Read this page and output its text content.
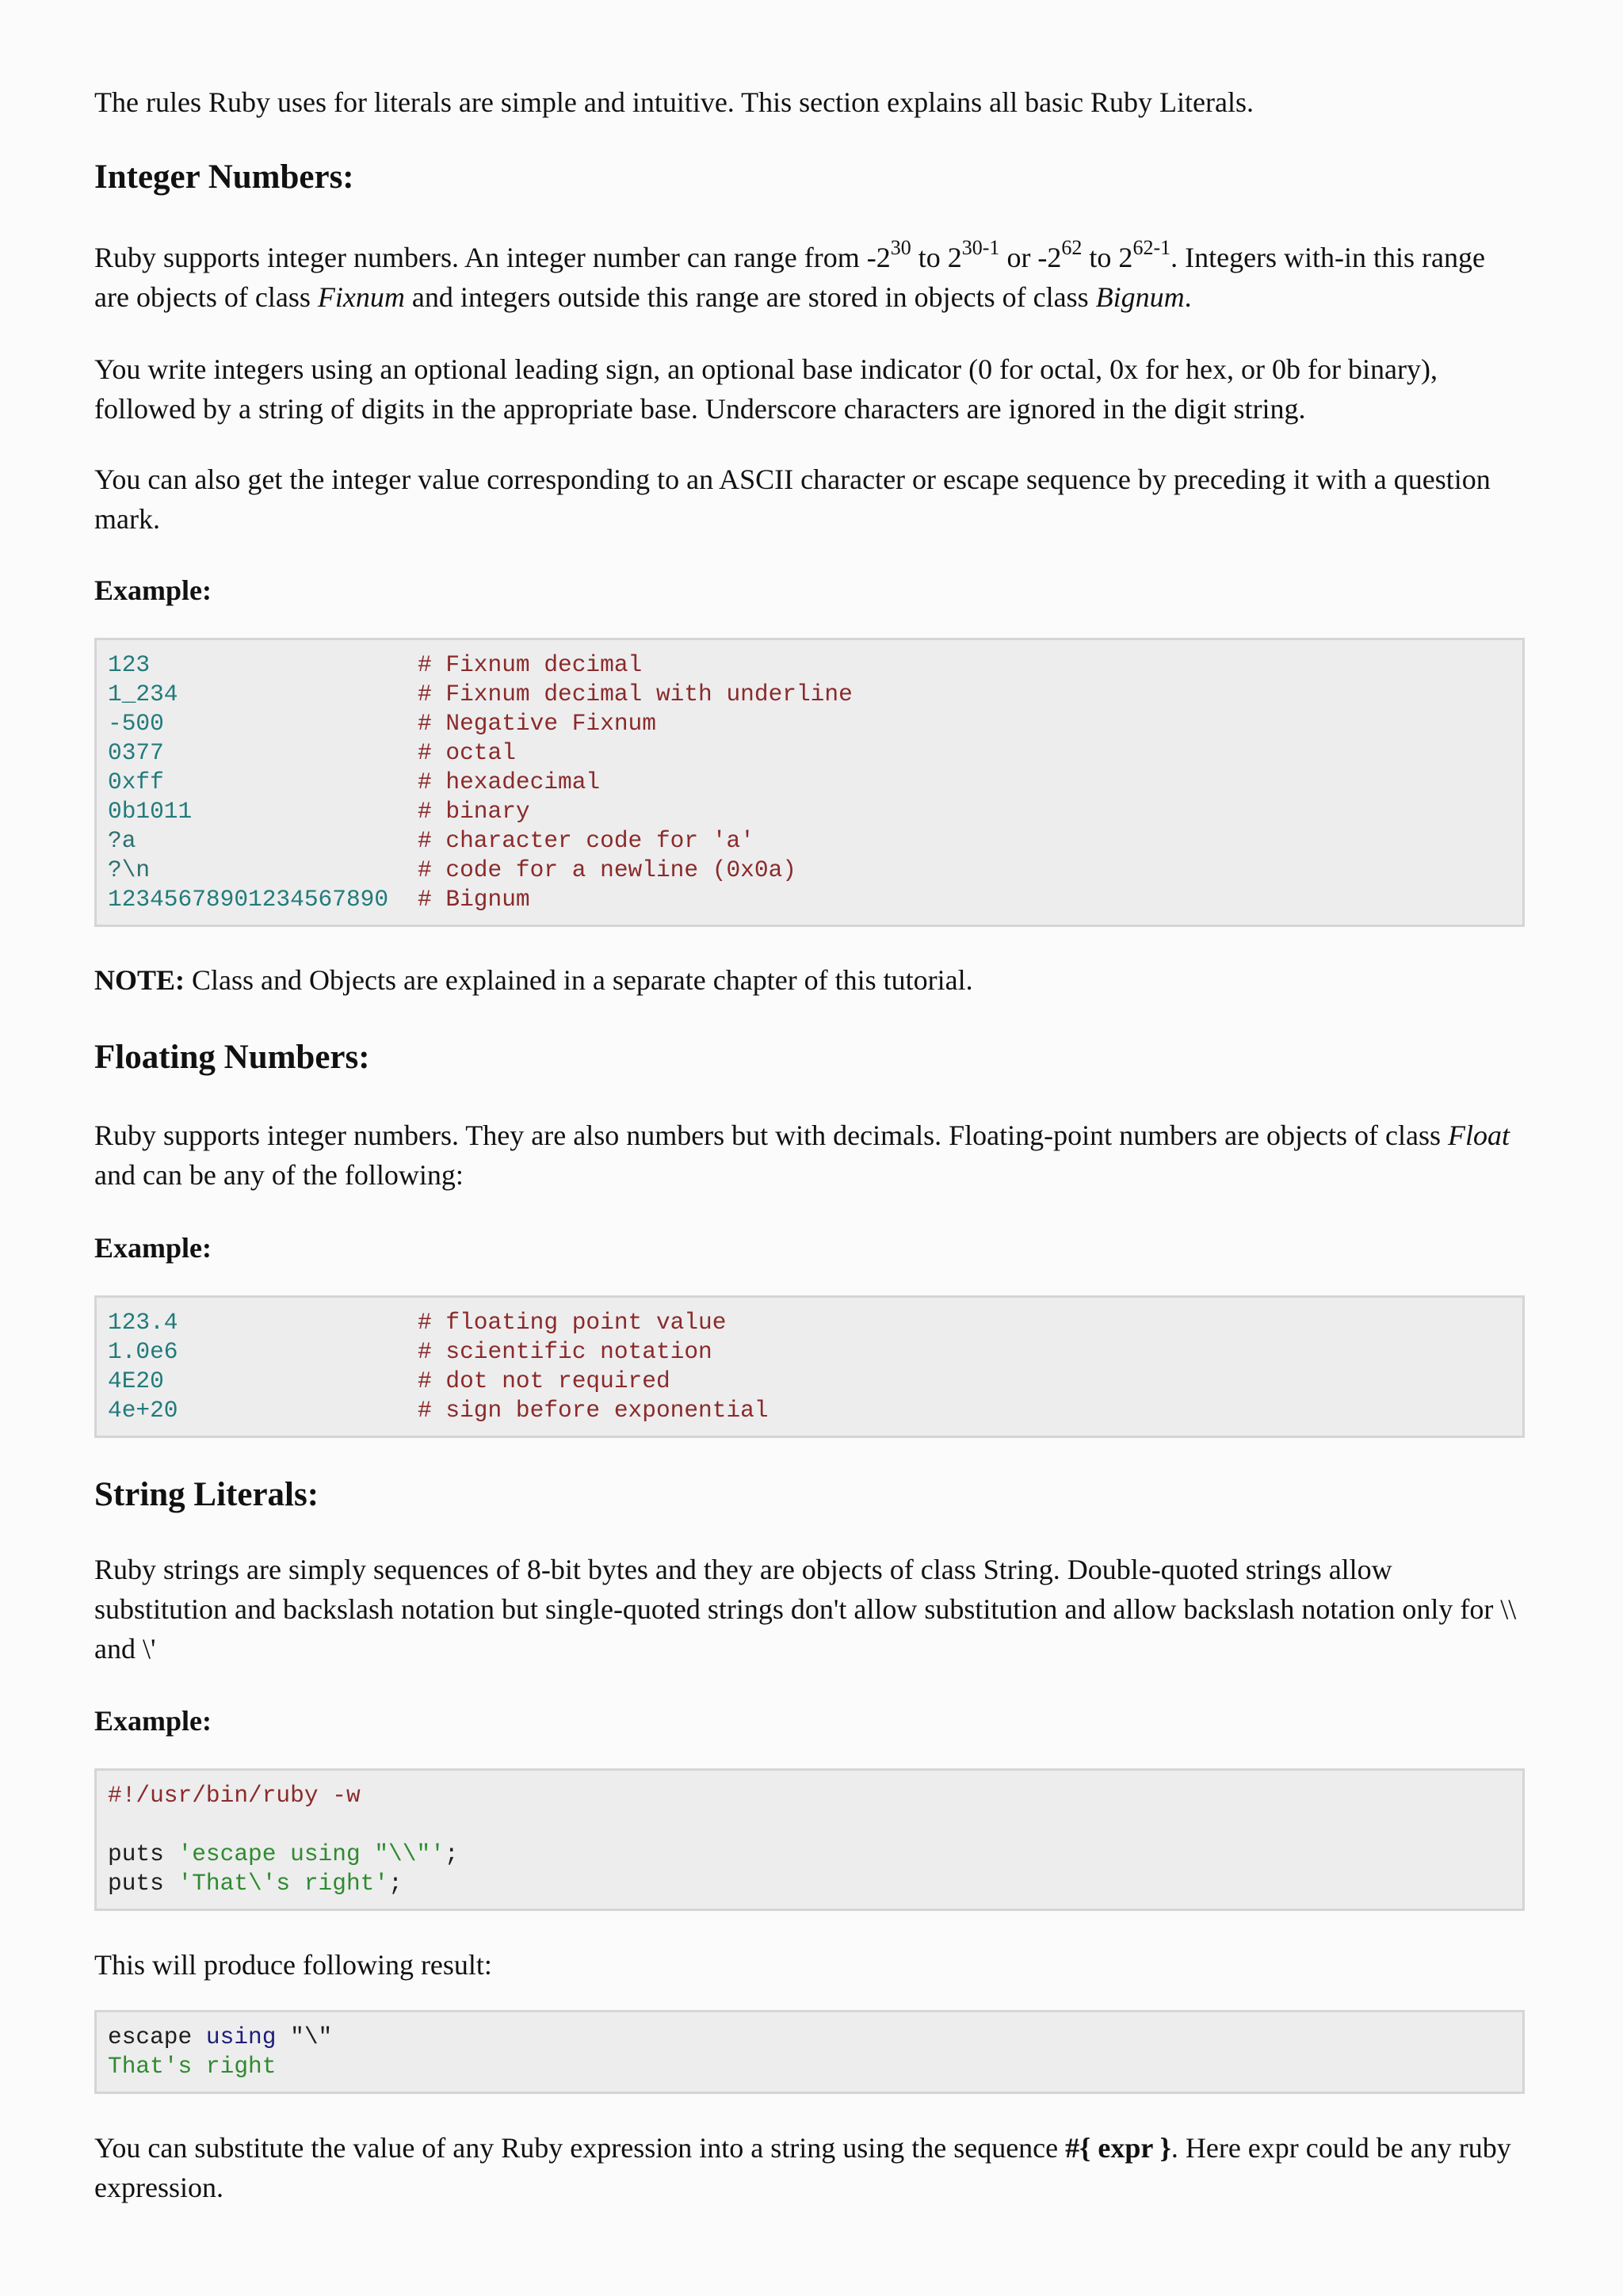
The rules Ruby uses for literals are simple and intuitive. This section explains all basic Ruby Literals.

Integer Numbers:

Ruby supports integer numbers. An integer number can range from $-2^{30}$ to 2$^{30-1}$ or $-2^{62}$ to 2$^{62-1}$. Integers with-in this range are objects of class Fixnum and integers outside this range are stored in objects of class Bignum.

You write integers using an optional leading sign, an optional base indicator (0 for octal, 0x for hex, or 0b for binary), followed by a string of digits in the appropriate base. Underscore characters are ignored in the digit string.

You can also get the integer value corresponding to an ASCII character or escape sequence by preceding it with a question mark.

Example:

123	# Fixnum decimal
1_234	# Fixnum decimal with underline
-500	# Negative Fixnum
0377	# octal
0xff	# hexadecimal
0b1011	# binary
?a	# character code for 'a'
?\n	# code for a newline (0x0a)
12345678901234567890 # Bignum

NOTE: Class and Objects are explained in a separate chapter of this tutorial.

Floating Numbers:

Ruby supports integer numbers. They are also numbers but with decimals. Floating-point numbers are objects of class Float and can be any of the following:

Example:

123.4	# floating point value
1.0e6	# scientific notation
4E20	# dot not required
4e+20	# sign before exponential
String Literals:

Ruby strings are simply sequences of 8-bit bytes and they are objects of class String. Double-quoted strings allow substitution and backslash notation but single-quoted strings don't allow substitution and allow backslash notation only for \\ and \'

Example:

#!/usr/bin/ruby -w

puts 'escape using "\\"';
puts 'That\'s right';

This will produce following result:

escape using "\"
That's right

You can substitute the value of any Ruby expression into a string using the sequence #{ expr }. Here expr could be any ruby expression.
